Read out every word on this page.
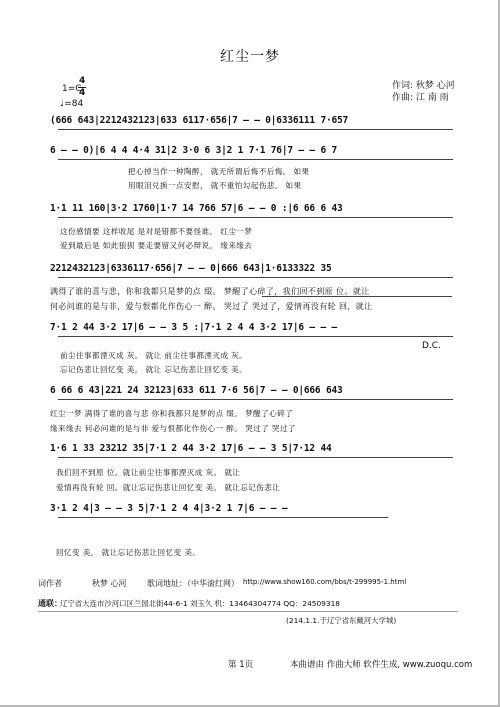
红尘一梦
作词: 秋梦 心河
作曲: 江 南 雨
1=C
4
4
♩=84
(666 643|2212432123|633 6117·656|7 — — 0|6336111 7·657
6 — — 0)|6 4 4 4·4 31|2 3·0 6 3|2 1 7·1 76|7 — — 6 7
把心掉当作一种陶醉， 就无所谓后悔不后悔。 如果
用眼泪兑换一点安慰， 就不重怕勾起伤悲。 如果
1·1 11 160|3·2 1760|1·7 14 766 57|6 — — 0 :|6 66 6 43
这份感情要 这样收尾 是对是错都不要怪谁。 红尘一梦
爱到最后是 如此狼狈 要走要留又何必辩说。 缘来缘去
2212432123|6336117·656|7 — — 0|666 643|1·6133322 35
满得了谁的喜与悲，你和我都只是梦的点 缀。 梦醒了心碎了，我们回不到原 位。就让
何必问谁的是与非，爱与恨都化作伤心一 醉。 哭过了 哭过了，爱情再没有轮 回，就让
7·1 2 44 3·2 17|6 — — 3 5 :|7·1 2 4 4 3·2 17|6 — — —
D.C.
前尘往事都湮灭成 灰。 就让 前尘往事都湮灭成 灰。
忘记伤悲让回忆变 美， 就让 忘记伤悲让回忆变 美。
6 66 6 43|221 24 32123|633 611 7·6 56|7 — — 0|666 643
红尘一梦 满得了谁的喜与悲 你和我都只是梦的点 缀。 梦醒了心碎了
缘来缘去 何必问谁的是与非 爱与恨都化作伤心一 醉。 哭过了 哭过了
1·6 1 33 23212 35|7·1 2 44 3·2 17|6 — — 3 5|7·12 44
我们回不到原 位。就让前尘往事都湮灭成 灰。 就让
爱情再没有轮 回。就让忘记伤悲让回忆变 美。 就让忘记伤悲让
3·1 2 4|3 — — 3 5|7·1 2 4 4|3·2 1 7|6 — — —
回忆变 美， 就让忘记伤悲让回忆变 美。
词作者	秋梦 心河	歌词地址：（中华滚红网） http://www.show160.com/bbs/t-299995-1.html
通联：
辽宁省大连市沙河口区兰园北街44-6-1 刘玉久 机：13464304774 QQ：24509318
(214.1.1.于辽宁省东戴河大学城)
第 1页	本曲谱由 作曲大师 软件生成, www.zuoqu.com
